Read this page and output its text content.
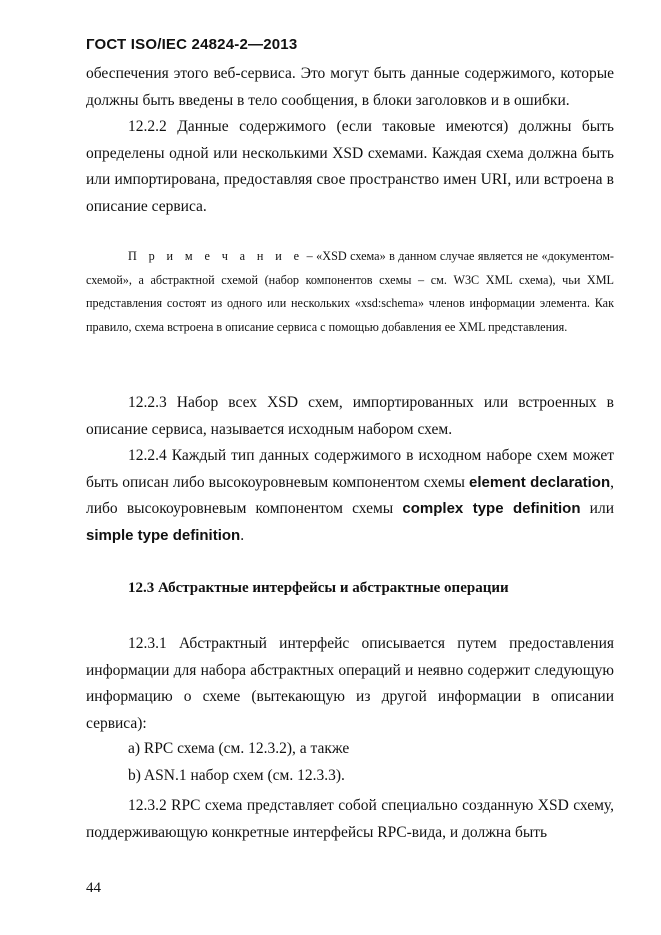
ГОСТ ISO/IEC 24824-2—2013
обеспечения этого веб-сервиса. Это могут быть данные содержимого, которые должны быть введены в тело сообщения, в блоки заголовков и в ошибки.
12.2.2 Данные содержимого (если таковые имеются) должны быть определены одной или несколькими XSD схемами. Каждая схема должна быть или импортирована, предоставляя свое пространство имен URI, или встроена в описание сервиса.
П р и м е ч а н и е – «XSD схема» в данном случае является не «документом-схемой», а абстрактной схемой (набор компонентов схемы – см. W3C XML схема), чьи XML представления состоят из одного или нескольких «xsd:schema» членов информации элемента. Как правило, схема встроена в описание сервиса с помощью добавления ее XML представления.
12.2.3 Набор всех XSD схем, импортированных или встроенных в описание сервиса, называется исходным набором схем.
12.2.4 Каждый тип данных содержимого в исходном наборе схем может быть описан либо высокоуровневым компонентом схемы element declaration, либо высокоуровневым компонентом схемы complex type definition или simple type definition.
12.3 Абстрактные интерфейсы и абстрактные операции
12.3.1 Абстрактный интерфейс описывается путем предоставления информации для набора абстрактных операций и неявно содержит следующую информацию о схеме (вытекающую из другой информации в описании сервиса):
а) RPC схема (см. 12.3.2), а также
b) ASN.1 набор схем (см. 12.3.3).
12.3.2 RPC схема представляет собой специально созданную XSD схему, поддерживающую конкретные интерфейсы RPC-вида, и должна быть
44
